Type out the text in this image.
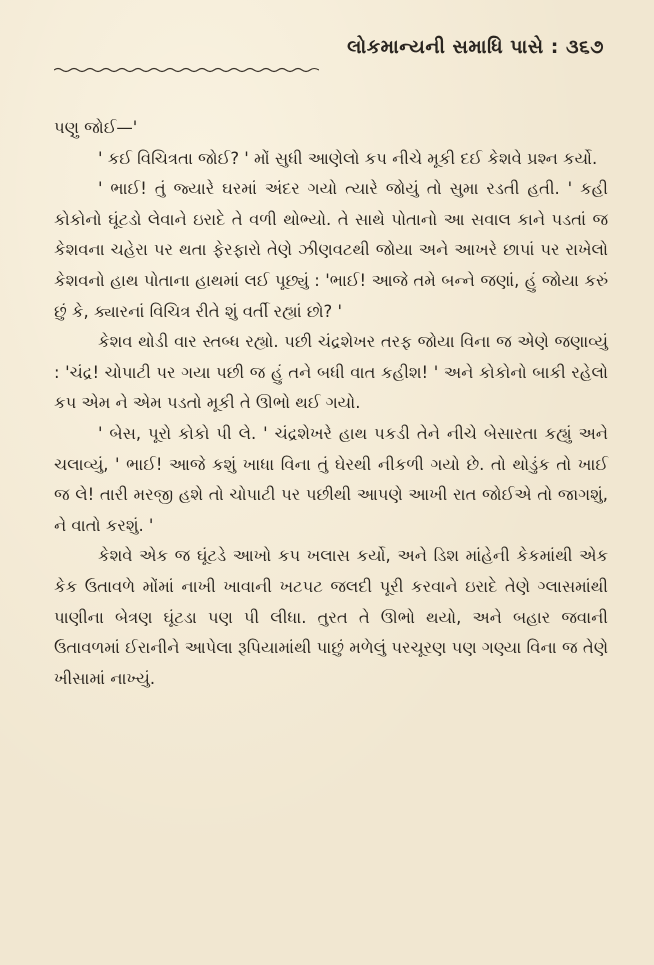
લોકમાન્યની સમાધિ પાસે : ૩૬૭

પણુ જોઈ—'

' કઈ વિચિત્રતા જોઈ? ' મોં સુધી આણેલો કપ નીચે મૂકી દઈ કેશવે પ્રશ્ન કર્યો.

' ભાઈ! તું જ્યારે ઘરમાં અંદર ગયો ત્યારે જોયું તો સુમા રડતી હતી. ' કહી કોકોનો ઘૂંટડો લેવાને ઇરાદે તે વળી થોભ્યો. તે સાથે પોતાનો આ સવાલ કાને પડતાં જ કેશવના ચહેરા પર થતા ફેરફારો તેણે ઝીણવટથી જોયા અને આખરે છાપાં પર રાખેલો કેશવનો હાથ પોતાના હાથમાં લઈ પૂછ્યું : 'ભાઈ! આજે તમે બન્ને જણાં, હું જોયા કરું છું કે, ક્યારનાં વિચિત્ર રીતે શું વર્તી રહ્યાં છો? '

કેશવ થોડી વાર સ્તબ્ધ રહ્યો. પછી ચંદ્રશેખર તરફ જોયા વિના જ એણે જણાવ્યું : 'ચંદ્ર! ચોપાટી પર ગયા પછી જ હું તને બધી વાત કહીશ! ' અને કોકોનો બાકી રહેલો કપ એમ ને એમ પડતો મૂકી તે ઊભો થઈ ગયો.

' બેસ, પૂરો કોકો પી લે. ' ચંદ્રશેખરે હાથ પકડી તેને નીચે બેસારતા કહ્યું અને ચલાવ્યું, ' ભાઈ! આજે કશું ખાધા વિના તું ઘેરથી નીકળી ગયો છે. તો થોડુંક તો ખાઈ જ લે! તારી મરજી હશે તો ચોપાટી પર પછીથી આપણે આખી રાત જોઈએ તો જાગશું, ને વાતો કરશું. '

કેશવે એક જ ઘૂંટડે આખો કપ ખલાસ કર્યો, અને ડિશ માંહેની કેકમાંથી એક કેક ઉતાવળે મોંમાં નાખી ખાવાની ખટપટ જલદી પૂરી કરવાને ઇરાદે તેણે ગ્લાસમાંથી પાણીના બેત્રણ ઘૂંટડા પણ પી લીધા. તુરત તે ઊભો થયો, અને બહાર જવાની ઉતાવળમાં ઈરાનીને આપેલા રૂપિયામાંથી પાછું મળેલું પરચૂરણ પણ ગણ્યા વિના જ તેણે ખીસામાં નાખ્યું.
